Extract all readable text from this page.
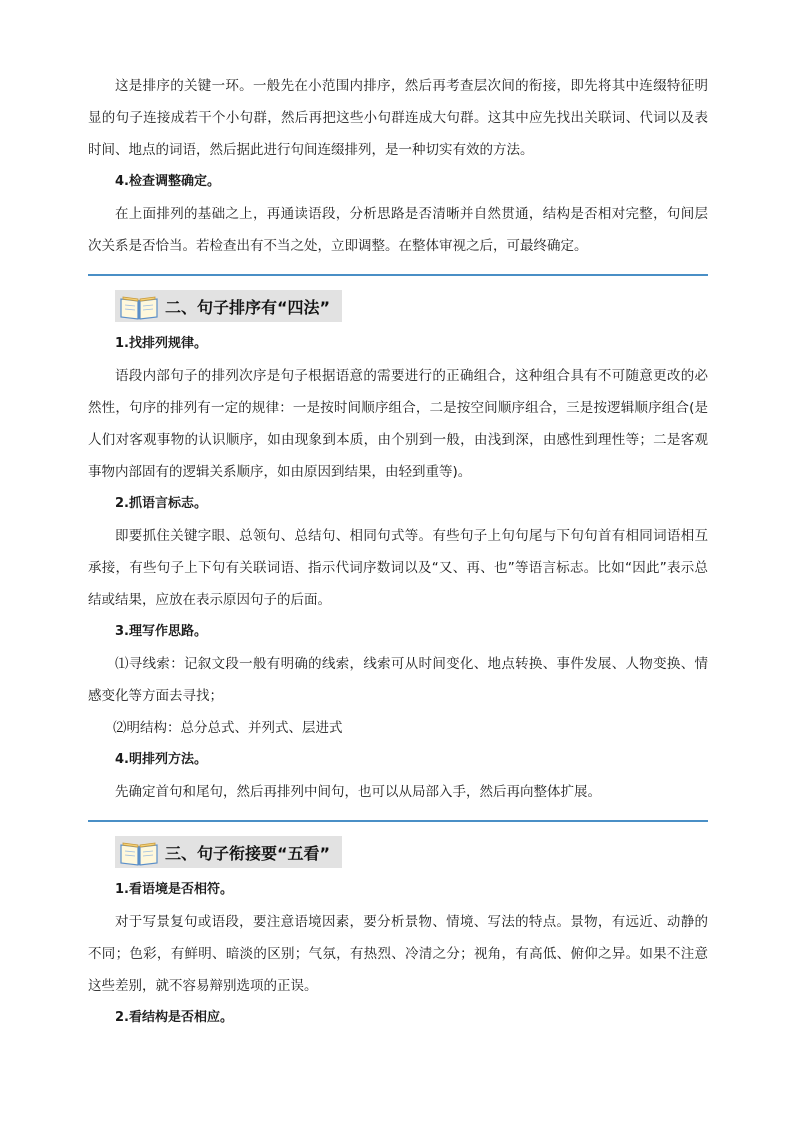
这是排序的关键一环。一般先在小范围内排序，然后再考查层次间的衔接，即先将其中连缀特征明显的句子连接成若干个小句群，然后再把这些小句群连成大句群。这其中应先找出关联词、代词以及表时间、地点的词语，然后据此进行句间连缀排列，是一种切实有效的方法。

4.检查调整确定。

在上面排列的基础之上，再通读语段，分析思路是否清晰并自然贯通，结构是否相对完整，句间层次关系是否恰当。若检查出有不当之处，立即调整。在整体审视之后，可最终确定。

二、句子排序有“四法”

1.找排列规律。

语段内部句子的排列次序是句子根据语意的需要进行的正确组合，这种组合具有不可随意更改的必然性，句序的排列有一定的规律：一是按时间顺序组合，二是按空间顺序组合，三是按逻辑顺序组合(是人们对客观事物的认识顺序，如由现象到本质，由个别到一般，由浅到深，由感性到理性等；二是客观事物内部固有的逻辑关系顺序，如由原因到结果，由轻到重等)。

2.抓语言标志。

即要抓住关键字眼、总领句、总结句、相同句式等。有些句子上句句尾与下句句首有相同词语相互承接，有些句子上下句有关联词语、指示代词序数词以及“又、再、也”等语言标志。比如“因此”表示总结或结果，应放在表示原因句子的后面。

3.理写作思路。

⑴寻线索：记叙文段一般有明确的线索，线索可从时间变化、地点转换、事件发展、人物变换、情感变化等方面去寻找；

⑵明结构：总分总式、并列式、层进式

4.明排列方法。

先确定首句和尾句，然后再排列中间句，也可以从局部入手，然后再向整体扩展。

三、句子衔接要“五看”

1.看语境是否相符。

对于写景复句或语段，要注意语境因素，要分析景物、情境、写法的特点。景物，有远近、动静的不同；色彩，有鲜明、暗淡的区别；气氛，有热烈、冷清之分；视角，有高低、俯仰之异。如果不注意这些差别，就不容易辩别选项的正误。

2.看结构是否相应。
